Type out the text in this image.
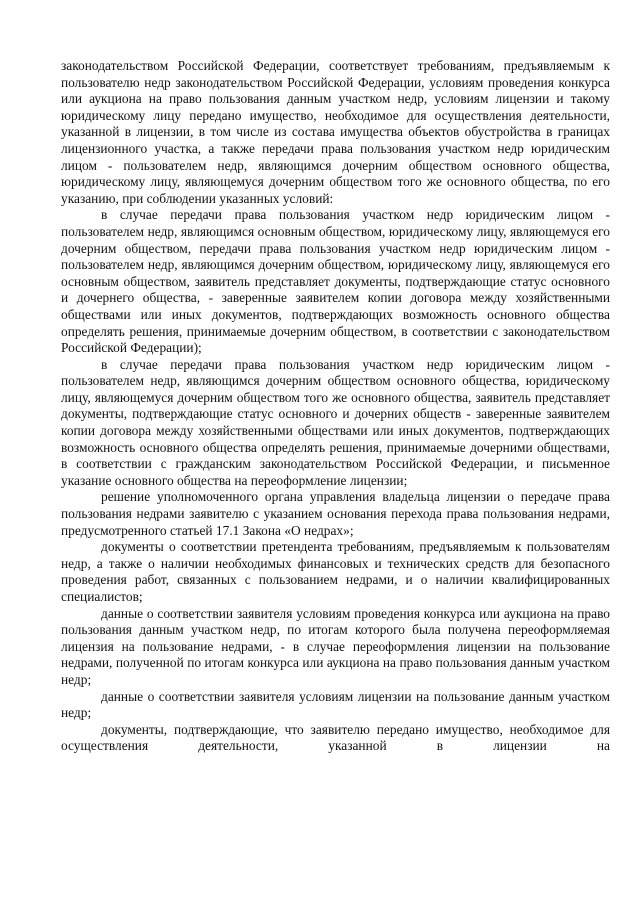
законодательством Российской Федерации, соответствует требованиям, предъявляемым к пользователю недр законодательством Российской Федерации, условиям проведения конкурса или аукциона на право пользования данным участком недр, условиям лицензии и такому юридическому лицу передано имущество, необходимое для осуществления деятельности, указанной в лицензии, в том числе из состава имущества объектов обустройства в границах лицензионного участка, а также передачи права пользования участком недр юридическим лицом - пользователем недр, являющимся дочерним обществом основного общества, юридическому лицу, являющемуся дочерним обществом того же основного общества, по его указанию, при соблюдении указанных условий:

в случае передачи права пользования участком недр юридическим лицом - пользователем недр, являющимся основным обществом, юридическому лицу, являющемуся его дочерним обществом, передачи права пользования участком недр юридическим лицом - пользователем недр, являющимся дочерним обществом, юридическому лицу, являющемуся его основным обществом, заявитель представляет документы, подтверждающие статус основного и дочернего общества, - заверенные заявителем копии договора между хозяйственными обществами или иных документов, подтверждающих возможность основного общества определять решения, принимаемые дочерним обществом, в соответствии с законодательством Российской Федерации);

в случае передачи права пользования участком недр юридическим лицом - пользователем недр, являющимся дочерним обществом основного общества, юридическому лицу, являющемуся дочерним обществом того же основного общества, заявитель представляет документы, подтверждающие статус основного и дочерних обществ - заверенные заявителем копии договора между хозяйственными обществами или иных документов, подтверждающих возможность основного общества определять решения, принимаемые дочерними обществами, в соответствии с гражданским законодательством Российской Федерации, и письменное указание основного общества на переоформление лицензии;

решение уполномоченного органа управления владельца лицензии о передаче права пользования недрами заявителю с указанием основания перехода права пользования недрами, предусмотренного статьей 17.1 Закона «О недрах»;

документы о соответствии претендента требованиям, предъявляемым к пользователям недр, а также о наличии необходимых финансовых и технических средств для безопасного проведения работ, связанных с пользованием недрами, и о наличии квалифицированных специалистов;

данные о соответствии заявителя условиям проведения конкурса или аукциона на право пользования данным участком недр, по итогам которого была получена переоформляемая лицензия на пользование недрами, - в случае переоформления лицензии на пользование недрами, полученной по итогам конкурса или аукциона на право пользования данным участком недр;

данные о соответствии заявителя условиям лицензии на пользование данным участком недр;

документы, подтверждающие, что заявителю передано имущество, необходимое для осуществления деятельности, указанной в лицензии на
